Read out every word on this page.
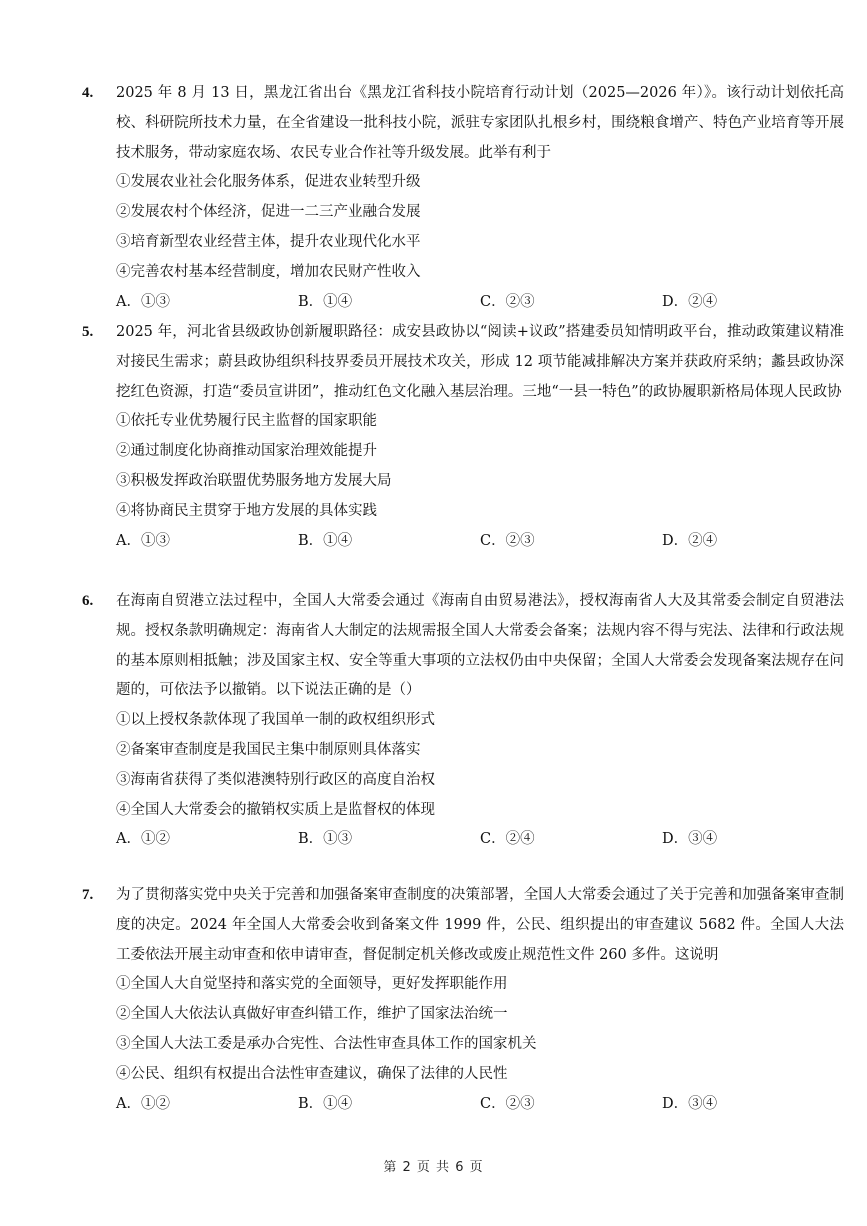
4.	2025 年 8 月 13 日，黑龙江省出台《黑龙江省科技小院培育行动计划（2025—2026 年）》。该行动计划依托高校、科研院所技术力量，在全省建设一批科技小院，派驻专家团队扎根乡村，围绕粮食增产、特色产业培育等开展技术服务，带动家庭农场、农民专业合作社等升级发展。此举有利于
①发展农业社会化服务体系，促进农业转型升级
②发展农村个体经济，促进一二三产业融合发展
③培育新型农业经营主体，提升农业现代化水平
④完善农村基本经营制度，增加农民财产性收入
A．①③	B．①④	C．②③	D．②④
5.	2025 年，河北省县级政协创新履职路径：成安县政协以“阅读+议政”搭建委员知情明政平台，推动政策建议精准对接民生需求；蔚县政协组织科技界委员开展技术攻关，形成 12 项节能减排解决方案并获政府采纳；蠡县政协深挖红色资源，打造“委员宣讲团”，推动红色文化融入基层治理。三地“一县一特色”的政协履职新格局体现人民政协
①依托专业优势履行民主监督的国家职能
②通过制度化协商推动国家治理效能提升
③积极发挥政治联盟优势服务地方发展大局
④将协商民主贯穿于地方发展的具体实践
A．①③	B．①④	C．②③	D．②④
6.	在海南自贸港立法过程中，全国人大常委会通过《海南自由贸易港法》，授权海南省人大及其常委会制定自贸港法规。授权条款明确规定：海南省人大制定的法规需报全国人大常委会备案；法规内容不得与宪法、法律和行政法规的基本原则相抵触；涉及国家主权、安全等重大事项的立法权仍由中央保留；全国人大常委会发现备案法规存在问题的，可依法予以撤销。以下说法正确的是（）
①以上授权条款体现了我国单一制的政权组织形式
②备案审查制度是我国民主集中制原则具体落实
③海南省获得了类似港澳特别行政区的高度自治权
④全国人大常委会的撤销权实质上是监督权的体现
A．①②	B．①③	C．②④	D．③④
7.	为了贯彻落实党中央关于完善和加强备案审查制度的决策部署，全国人大常委会通过了关于完善和加强备案审查制度的决定。2024 年全国人大常委会收到备案文件 1999 件，公民、组织提出的审查建议 5682 件。全国人大法工委依法开展主动审查和依申请审查，督促制定机关修改或废止规范性文件 260 多件。这说明
①全国人大自觉坚持和落实党的全面领导，更好发挥职能作用
②全国人大依法认真做好审查纠错工作，维护了国家法治统一
③全国人大法工委是承办合宪性、合法性审查具体工作的国家机关
④公民、组织有权提出合法性审查建议，确保了法律的人民性
A．①②	B．①④	C．②③	D．③④
第 2 页 共 6 页
